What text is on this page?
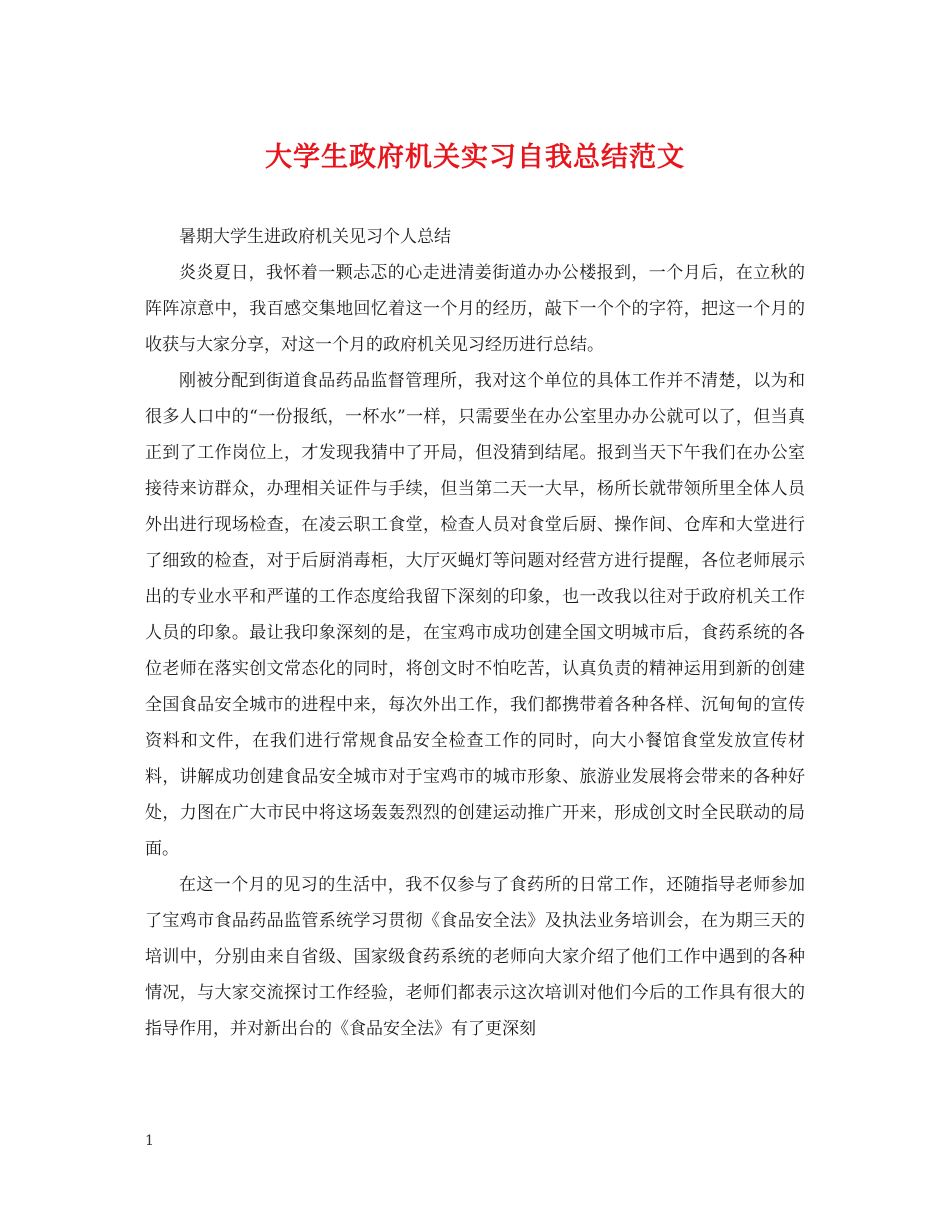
大学生政府机关实习自我总结范文

暑期大学生进政府机关见习个人总结

炎炎夏日，我怀着一颗忐忑的心走进清姜街道办办公楼报到，一个月后，在立秋的阵阵凉意中，我百感交集地回忆着这一个月的经历，敲下一个个的字符，把这一个月的收获与大家分享，对这一个月的政府机关见习经历进行总结。

刚被分配到街道食品药品监督管理所，我对这个单位的具体工作并不清楚，以为和很多人口中的“一份报纸，一杯水”一样，只需要坐在办公室里办办公就可以了，但当真正到了工作岗位上，才发现我猜中了开局，但没猜到结尾。报到当天下午我们在办公室接待来访群众，办理相关证件与手续，但当第二天一大早，杨所长就带领所里全体人员外出进行现场检查，在凌云职工食堂，检查人员对食堂后厨、操作间、仓库和大堂进行了细致的检查，对于后厨消毒柜，大厅灭蝇灯等问题对经营方进行提醒，各位老师展示出的专业水平和严谨的工作态度给我留下深刻的印象，也一改我以往对于政府机关工作人员的印象。最让我印象深刻的是，在宝鸡市成功创建全国文明城市后，食药系统的各位老师在落实创文常态化的同时，将创文时不怕吃苦，认真负责的精神运用到新的创建全国食品安全城市的进程中来，每次外出工作，我们都携带着各种各样、沉甸甸的宣传资料和文件，在我们进行常规食品安全检查工作的同时，向大小餐馆食堂发放宣传材料，讲解成功创建食品安全城市对于宝鸡市的城市形象、旅游业发展将会带来的各种好处，力图在广大市民中将这场轰轰烈烈的创建运动推广开来，形成创文时全民联动的局面。

在这一个月的见习的生活中，我不仅参与了食药所的日常工作，还随指导老师参加了宝鸡市食品药品监管系统学习贯彻《食品安全法》及执法业务培训会，在为期三天的培训中，分别由来自省级、国家级食药系统的老师向大家介绍了他们工作中遇到的各种情况，与大家交流探讨工作经验，老师们都表示这次培训对他们今后的工作具有很大的指导作用，并对新出台的《食品安全法》有了更深刻

1
